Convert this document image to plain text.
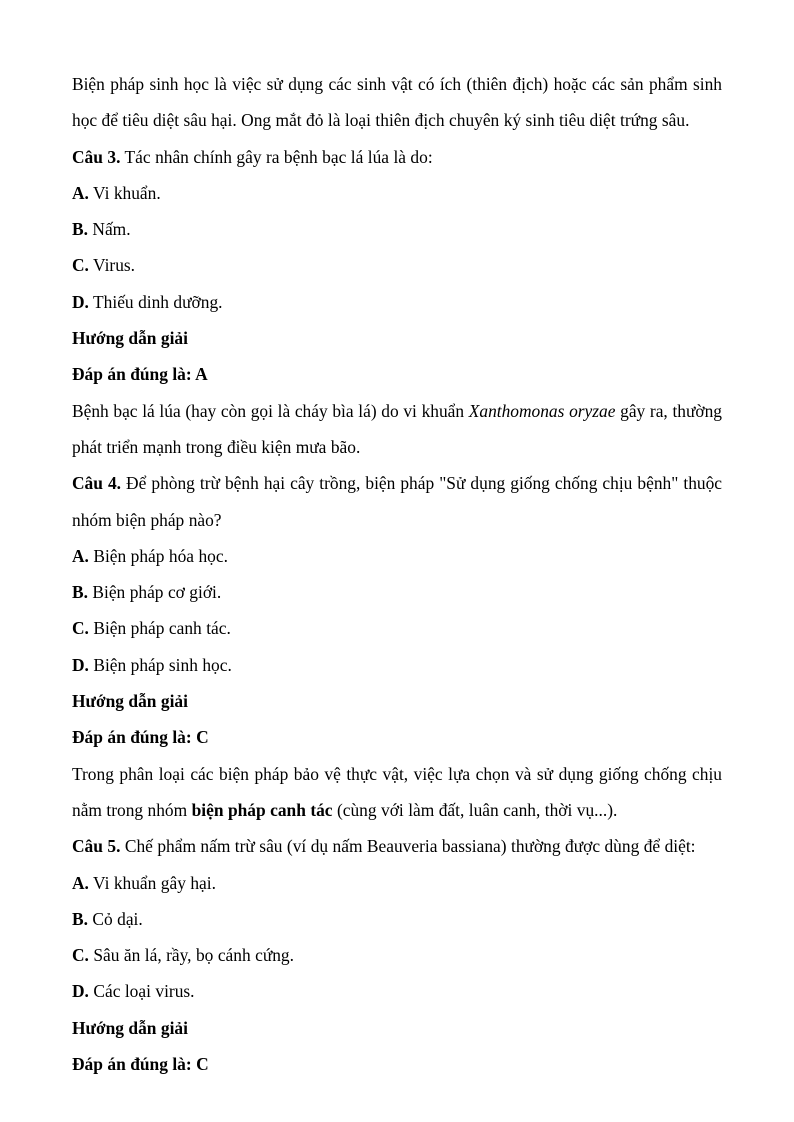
Biện pháp sinh học là việc sử dụng các sinh vật có ích (thiên địch) hoặc các sản phẩm sinh học để tiêu diệt sâu hại. Ong mắt đỏ là loại thiên địch chuyên ký sinh tiêu diệt trứng sâu.

Câu 3. Tác nhân chính gây ra bệnh bạc lá lúa là do:

A. Vi khuẩn.

B. Nấm.

C. Virus.

D. Thiếu dinh dưỡng.

Hướng dẫn giải

Đáp án đúng là: A

Bệnh bạc lá lúa (hay còn gọi là cháy bìa lá) do vi khuẩn Xanthomonas oryzae gây ra, thường phát triển mạnh trong điều kiện mưa bão.

Câu 4. Để phòng trừ bệnh hại cây trồng, biện pháp "Sử dụng giống chống chịu bệnh" thuộc nhóm biện pháp nào?

A. Biện pháp hóa học.

B. Biện pháp cơ giới.

C. Biện pháp canh tác.

D. Biện pháp sinh học.

Hướng dẫn giải

Đáp án đúng là: C

Trong phân loại các biện pháp bảo vệ thực vật, việc lựa chọn và sử dụng giống chống chịu nằm trong nhóm biện pháp canh tác (cùng với làm đất, luân canh, thời vụ...).

Câu 5. Chế phẩm nấm trừ sâu (ví dụ nấm Beauveria bassiana) thường được dùng để diệt:

A. Vi khuẩn gây hại.

B. Cỏ dại.

C. Sâu ăn lá, rầy, bọ cánh cứng.

D. Các loại virus.

Hướng dẫn giải

Đáp án đúng là: C
